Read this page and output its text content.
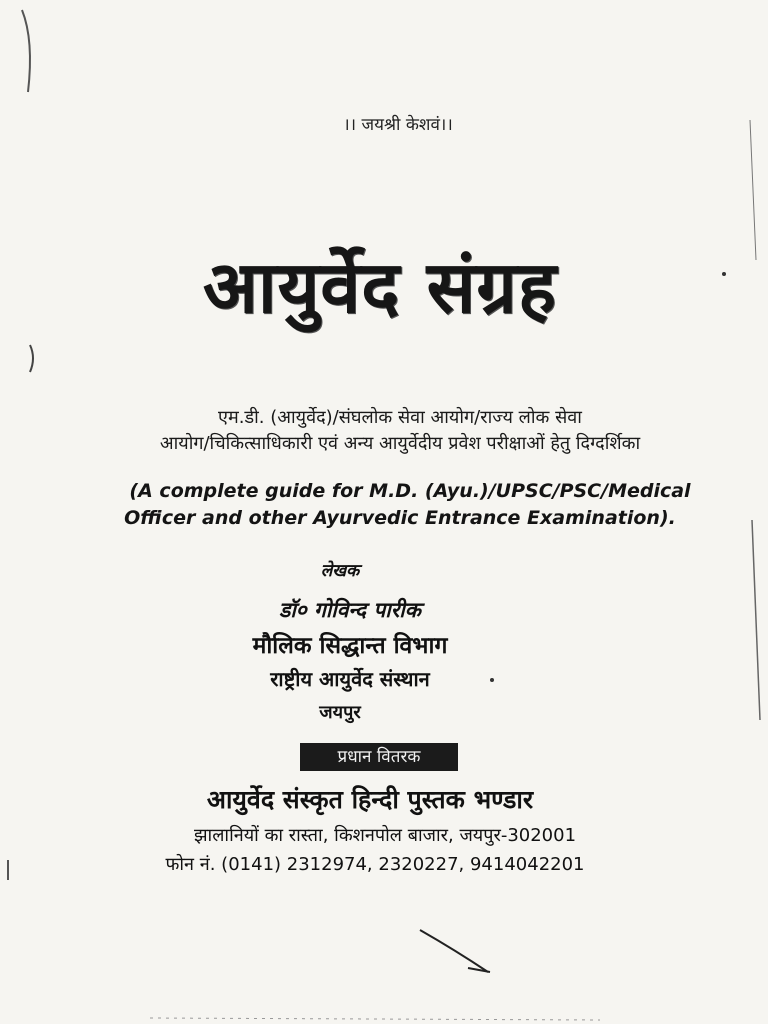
।। जयश्री केशवं।।
आयुर्वेद संग्रह
एम.डी. (आयुर्वेद)/संघलोक सेवा आयोग/राज्य लोक सेवा
आयोग/चिकित्साधिकारी एवं अन्य आयुर्वेदीय प्रवेश परीक्षाओं हेतु दिग्दर्शिका
(A complete guide for M.D. (Ayu.)/UPSC/PSC/Medical
Officer and other Ayurvedic Entrance Examination).
लेखक
डॉ० गोविन्द पारीक
मौलिक सिद्धान्त विभाग
राष्ट्रीय आयुर्वेद संस्थान
जयपुर
प्रधान वितरक
आयुर्वेद संस्कृत हिन्दी पुस्तक भण्डार
झालानियों का रास्ता, किशनपोल बाजार, जयपुर-302001
फोन नं. (0141) 2312974, 2320227, 9414042201
